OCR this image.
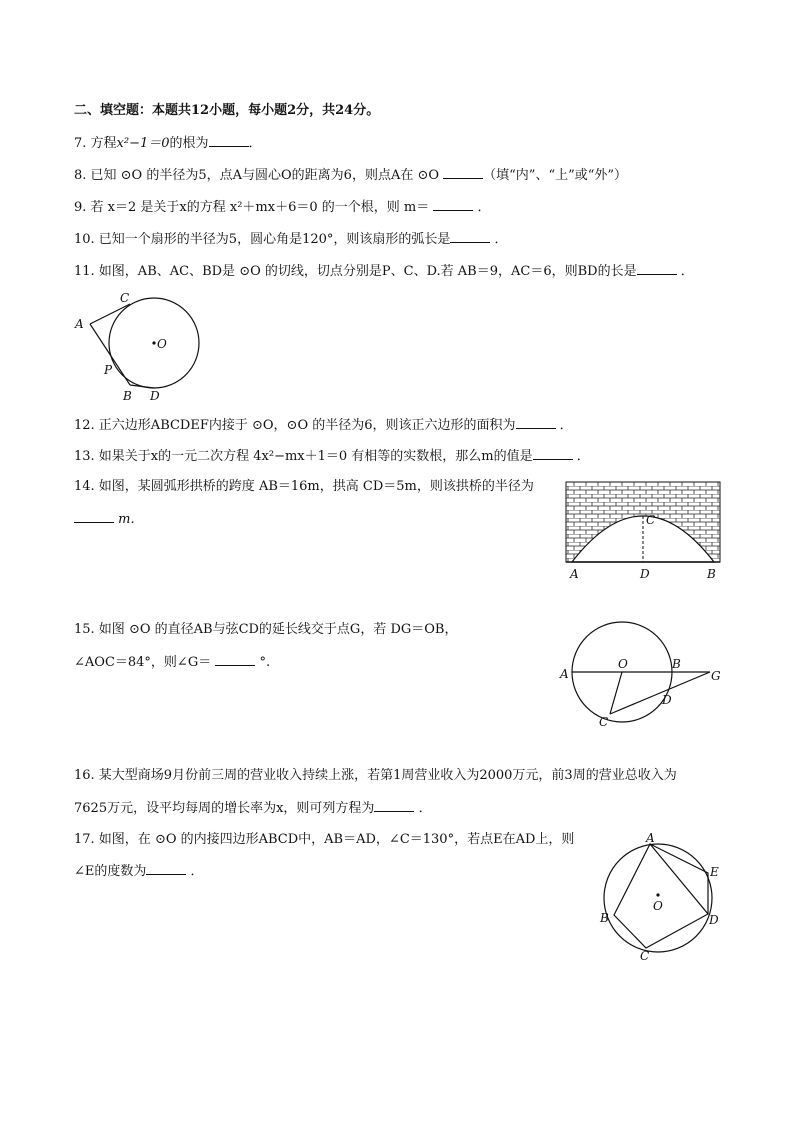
二、填空题：本题共12小题，每小题2分，共24分。
7. 方程x²−1＝0的根为	．
8. 已知 ⊙O 的半径为5，点A与圆心O的距离为6，则点A在 ⊙O	（填“内”、“上”或“外”）
9. 若 x＝2 是关于x的方程 x²＋mx＋6＝0 的一个根，则 m＝	．
10. 已知一个扇形的半径为5，圆心角是120°，则该扇形的弧长是	．
11. 如图，AB、AC、BD是 ⊙O 的切线，切点分别是P、C、D.若 AB＝9，AC＝6，则BD的长是	．
C
A
O
P
B D
12. 正六边形ABCDEF内接于 ⊙O，⊙O 的半径为6，则该正六边形的面积为	．
13. 如果关于x的一元二次方程 4x²−mx＋1＝0 有相等的实数根，那么m的值是	．
14. 如图，某圆弧形拱桥的跨度 AB＝16m，拱高 CD＝5m，则该拱桥的半径为
m.	C
A	D	B
15. 如图 ⊙O 的直径AB与弦CD的延长线交于点G，若 DG＝OB，
∠AOC＝84°，则∠G＝	°.
A
O	B
G
D
C
16. 某大型商场9月份前三周的营业收入持续上涨，若第1周营业收入为2000万元，前3周的营业总收入为
7625万元，设平均每周的增长率为x，则可列方程为	．
17. 如图，在 ⊙O 的内接四边形ABCD中，AB＝AD，∠C＝130°，若点E在AD上，则
∠E的度数为	．
A
E
O
B	D
C
